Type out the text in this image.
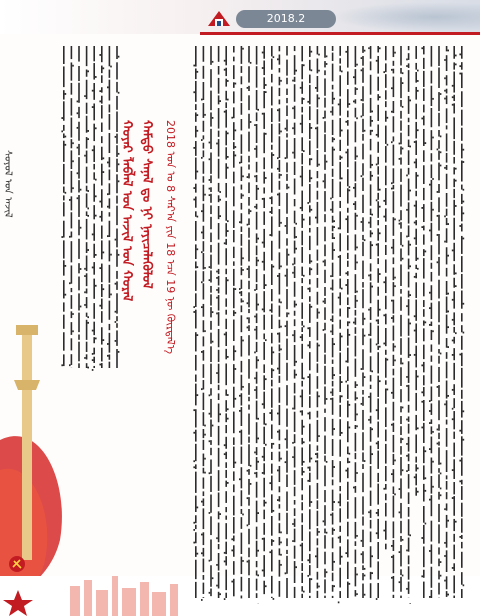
2018.2
ᠰᠣᠶᠣᠯ ᠤᠨ ᠠᠵᠢᠯ	ᠬᠣᠶᠠᠷ ᠯᠠᠪᠯᠠᠯ ᠤᠨ ᠠᠵᠢᠯ ᠤᠨ ᠬᠤᠷᠠᠯ ᠬᠠᠮᠲᠤ ᠰᠠᠨᠠᠯ ᠳᠤ ᠨᠢ ᠨᠡᠶᠢᠴᠡᠯᠡᠭᠦᠯᠦᠯ 2018 ᠣᠨ ᠤ 8 ᠰᠠᠷ᠎ᠠ ᠶᠢᠨ 18 ᠡᠴᠡ 19 ᠨᠦ ᠬᠦᠷᠲᠡᠯ᠎ᠡ
